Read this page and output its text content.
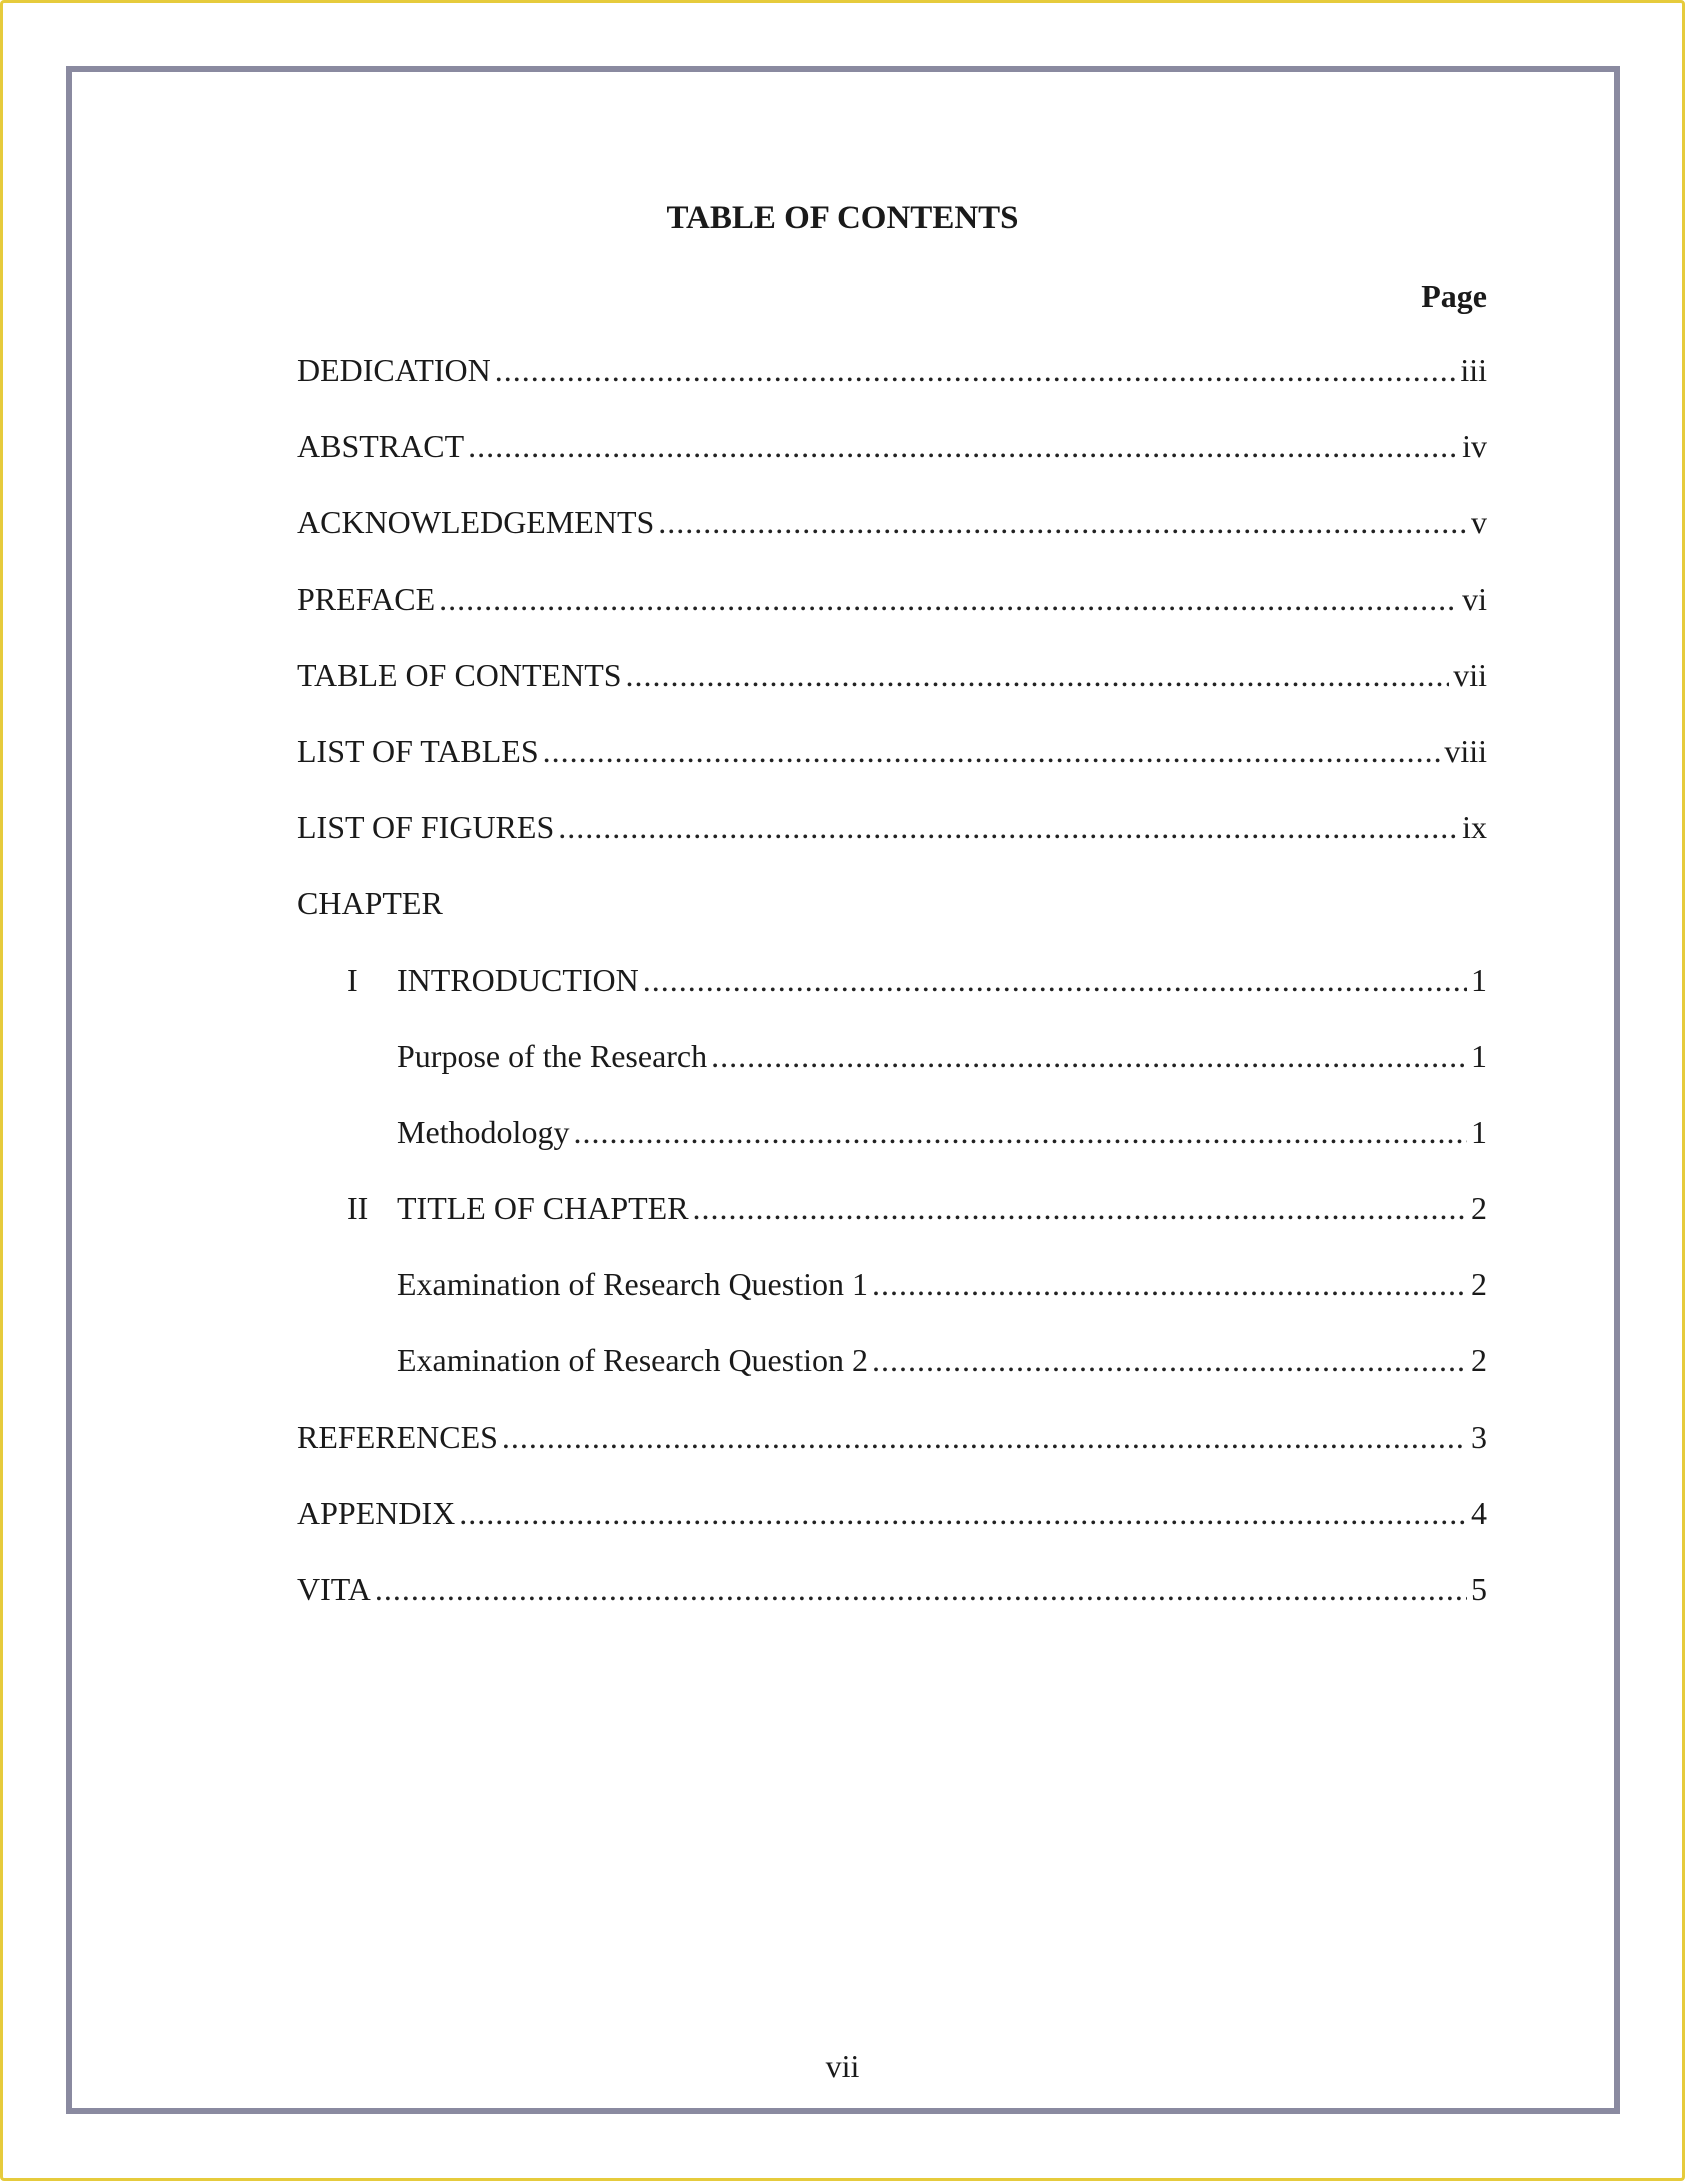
TABLE OF CONTENTS
Page
DEDICATION .....	iii
ABSTRACT .....	iv
ACKNOWLEDGEMENTS .....	v
PREFACE .....	vi
TABLE OF CONTENTS .....	vii
LIST OF TABLES .....	viii
LIST OF FIGURES .....	ix
CHAPTER
I	INTRODUCTION .....	1
Purpose of the Research .....	1
Methodology .....	1
II TITLE OF CHAPTER .....	2
Examination of Research Question 1 .....	2
Examination of Research Question 2 .....	2
REFERENCES .....	3
APPENDIX .....	4
VITA .....	5
vii
